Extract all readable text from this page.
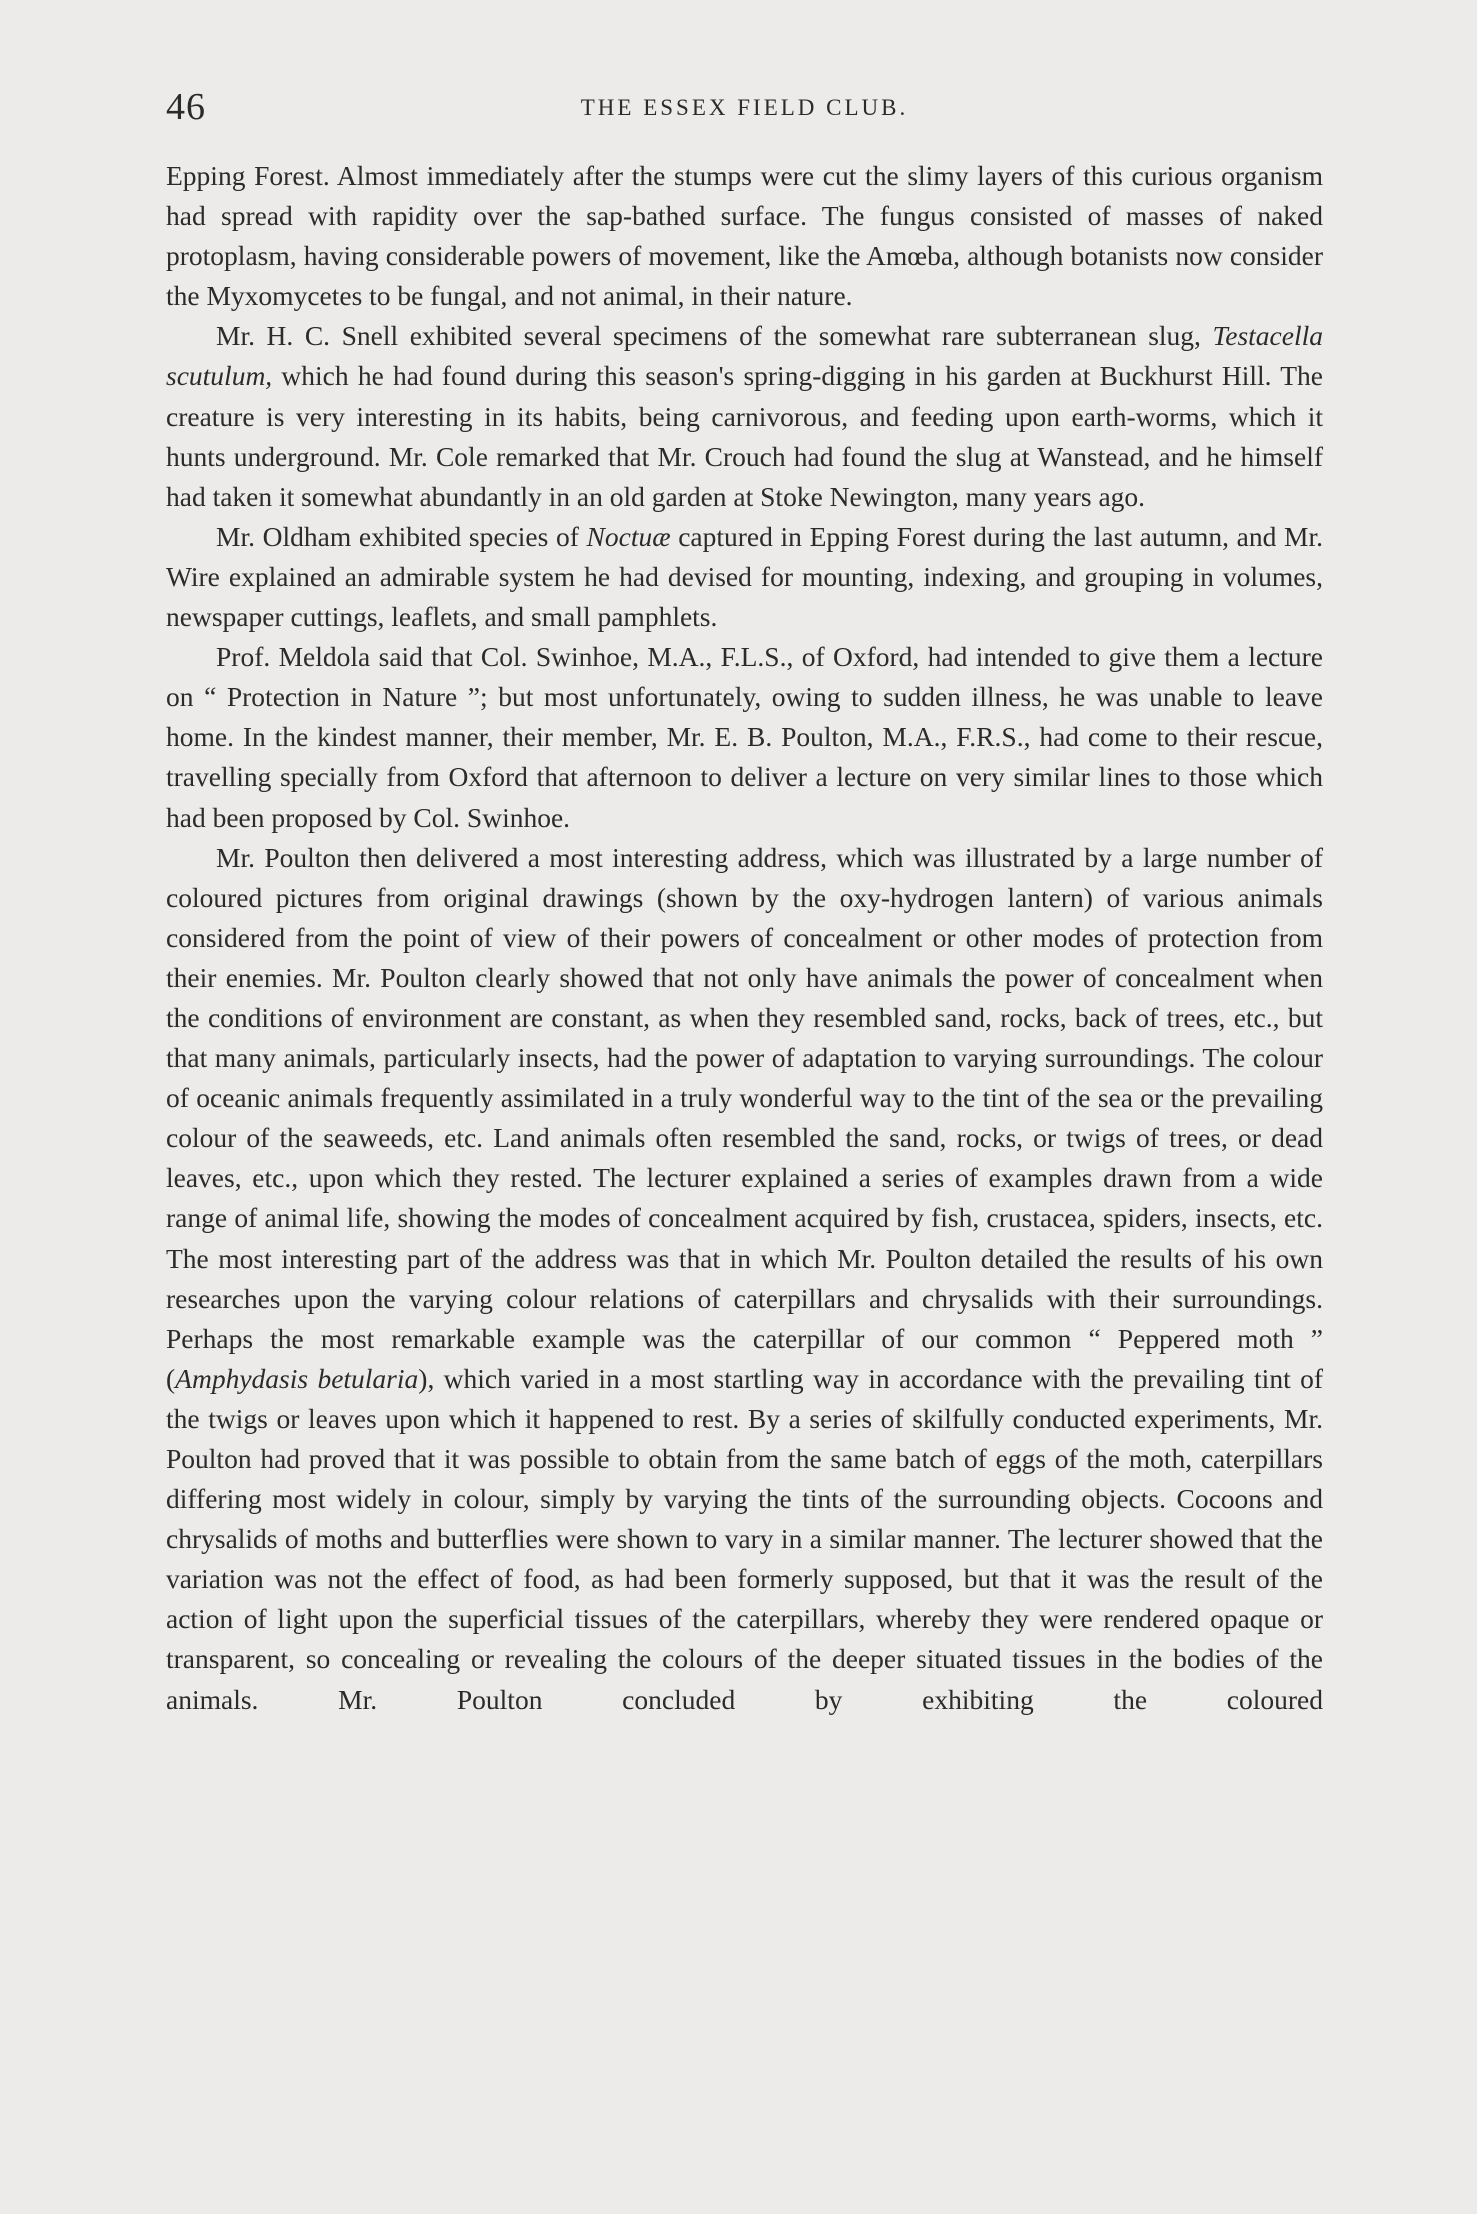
46	THE ESSEX FIELD CLUB.

Epping Forest. Almost immediately after the stumps were cut the slimy layers of this curious organism had spread with rapidity over the sap-bathed surface. The fungus consisted of masses of naked protoplasm, having considerable powers of movement, like the Amœba, although botanists now consider the Myxomycetes to be fungal, and not animal, in their nature.

Mr. H. C. Snell exhibited several specimens of the somewhat rare subterranean slug, Testacella scutulum, which he had found during this season's spring-digging in his garden at Buckhurst Hill. The creature is very interesting in its habits, being carnivorous, and feeding upon earth-worms, which it hunts underground. Mr. Cole remarked that Mr. Crouch had found the slug at Wanstead, and he himself had taken it somewhat abundantly in an old garden at Stoke Newington, many years ago.

Mr. Oldham exhibited species of Noctuæ captured in Epping Forest during the last autumn, and Mr. Wire explained an admirable system he had devised for mounting, indexing, and grouping in volumes, newspaper cuttings, leaflets, and small pamphlets.

Prof. Meldola said that Col. Swinhoe, M.A., F.L.S., of Oxford, had intended to give them a lecture on “ Protection in Nature ”; but most unfortunately, owing to sudden illness, he was unable to leave home. In the kindest manner, their member, Mr. E. B. Poulton, M.A., F.R.S., had come to their rescue, travelling specially from Oxford that afternoon to deliver a lecture on very similar lines to those which had been proposed by Col. Swinhoe.

Mr. Poulton then delivered a most interesting address, which was illustrated by a large number of coloured pictures from original drawings (shown by the oxy-hydrogen lantern) of various animals considered from the point of view of their powers of concealment or other modes of protection from their enemies. Mr. Poulton clearly showed that not only have animals the power of concealment when the conditions of environment are constant, as when they resembled sand, rocks, back of trees, etc., but that many animals, particularly insects, had the power of adaptation to varying surroundings. The colour of oceanic animals frequently assimilated in a truly wonderful way to the tint of the sea or the prevailing colour of the seaweeds, etc. Land animals often resembled the sand, rocks, or twigs of trees, or dead leaves, etc., upon which they rested. The lecturer explained a series of examples drawn from a wide range of animal life, showing the modes of concealment acquired by fish, crustacea, spiders, insects, etc. The most interesting part of the address was that in which Mr. Poulton detailed the results of his own researches upon the varying colour relations of caterpillars and chrysalids with their surroundings. Perhaps the most remarkable example was the caterpillar of our common “ Peppered moth ” (Amphydasis betularia), which varied in a most startling way in accordance with the prevailing tint of the twigs or leaves upon which it happened to rest. By a series of skilfully conducted experiments, Mr. Poulton had proved that it was possible to obtain from the same batch of eggs of the moth, caterpillars differing most widely in colour, simply by varying the tints of the surrounding objects. Cocoons and chrysalids of moths and butterflies were shown to vary in a similar manner. The lecturer showed that the variation was not the effect of food, as had been formerly supposed, but that it was the result of the action of light upon the superficial tissues of the caterpillars, whereby they were rendered opaque or transparent, so concealing or revealing the colours of the deeper situated tissues in the bodies of the animals. Mr. Poulton concluded by exhibiting the coloured
